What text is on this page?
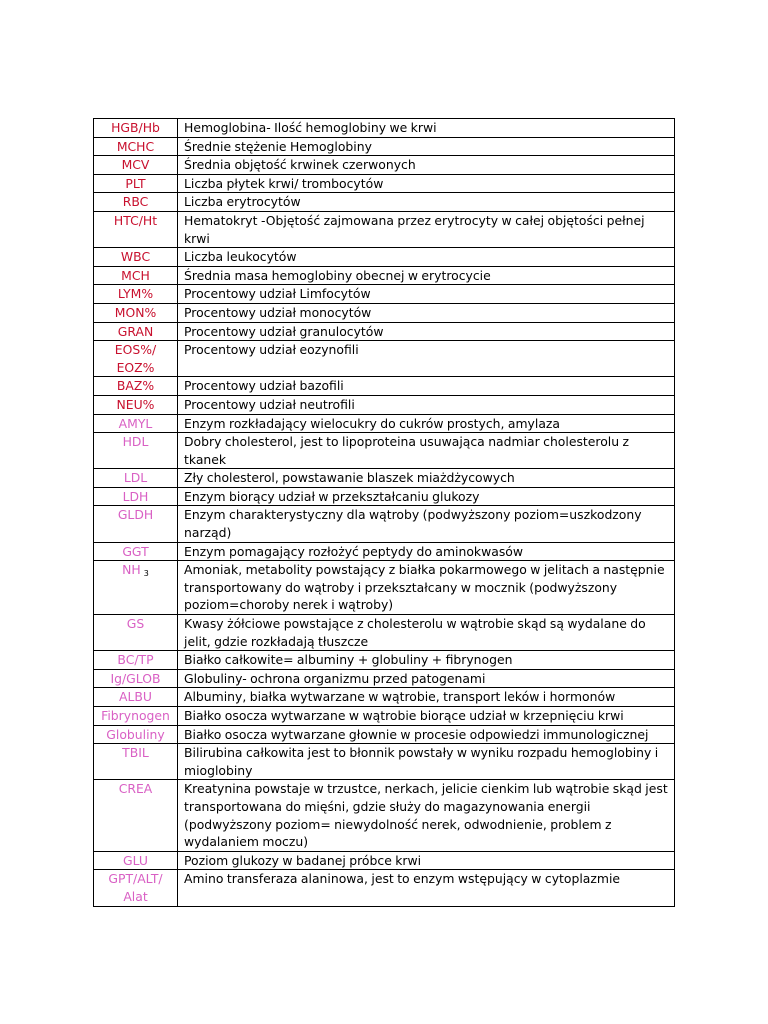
HGB/Hb	Hemoglobina- Ilość hemoglobiny we krwi
MCHC	Średnie stężenie Hemoglobiny
MCV	Średnia objętość krwinek czerwonych
PLT	Liczba płytek krwi/ trombocytów
RBC	Liczba erytrocytów
HTC/Ht	Hematokryt -Objętość zajmowana przez erytrocyty w całej objętości pełnej krwi
WBC	Liczba leukocytów
MCH	Średnia masa hemoglobiny obecnej w erytrocycie
LYM%	Procentowy udział Limfocytów
MON%	Procentowy udział monocytów
GRAN	Procentowy udział granulocytów
EOS%/ EOZ%	Procentowy udział eozynofili
BAZ%	Procentowy udział bazofili
NEU%	Procentowy udział neutrofili
AMYL	Enzym rozkładający wielocukry do cukrów prostych, amylaza
HDL	Dobry cholesterol, jest to lipoproteina usuwająca nadmiar cholesterolu z tkanek
LDL	Zły cholesterol, powstawanie blaszek miażdżycowych
LDH	Enzym biorący udział w przekształcaniu glukozy
GLDH	Enzym charakterystyczny dla wątroby (podwyższony poziom=uszkodzony narząd)
GGT	Enzym pomagający rozłożyć peptydy do aminokwasów
NH $_3$	Amoniak, metabolity powstający z białka pokarmowego w jelitach a następnie transportowany do wątroby i przekształcany w mocznik (podwyższony poziom=choroby nerek i wątroby)
GS	Kwasy żółciowe powstające z cholesterolu w wątrobie skąd są wydalane do jelit, gdzie rozkładają tłuszcze
BC/TP	Białko całkowite= albuminy + globuliny + fibrynogen
Ig/GLOB	Globuliny- ochrona organizmu przed patogenami
ALBU	Albuminy, białka wytwarzane w wątrobie, transport leków i hormonów
Fibrynogen	Białko osocza wytwarzane w wątrobie biorące udział w krzepnięciu krwi
Globuliny	Białko osocza wytwarzane głownie w procesie odpowiedzi immunologicznej
TBIL	Bilirubina całkowita jest to błonnik powstały w wyniku rozpadu hemoglobiny i mioglobiny
CREA	Kreatynina powstaje w trzustce, nerkach, jelicie cienkim lub wątrobie skąd jest transportowana do mięśni, gdzie służy do magazynowania energii (podwyższony poziom= niewydolność nerek, odwodnienie, problem z wydalaniem moczu)
GLU	Poziom glukozy w badanej próbce krwi
GPT/ALT/ Alat	Amino transferaza alaninowa, jest to enzym wstępujący w cytoplazmie
